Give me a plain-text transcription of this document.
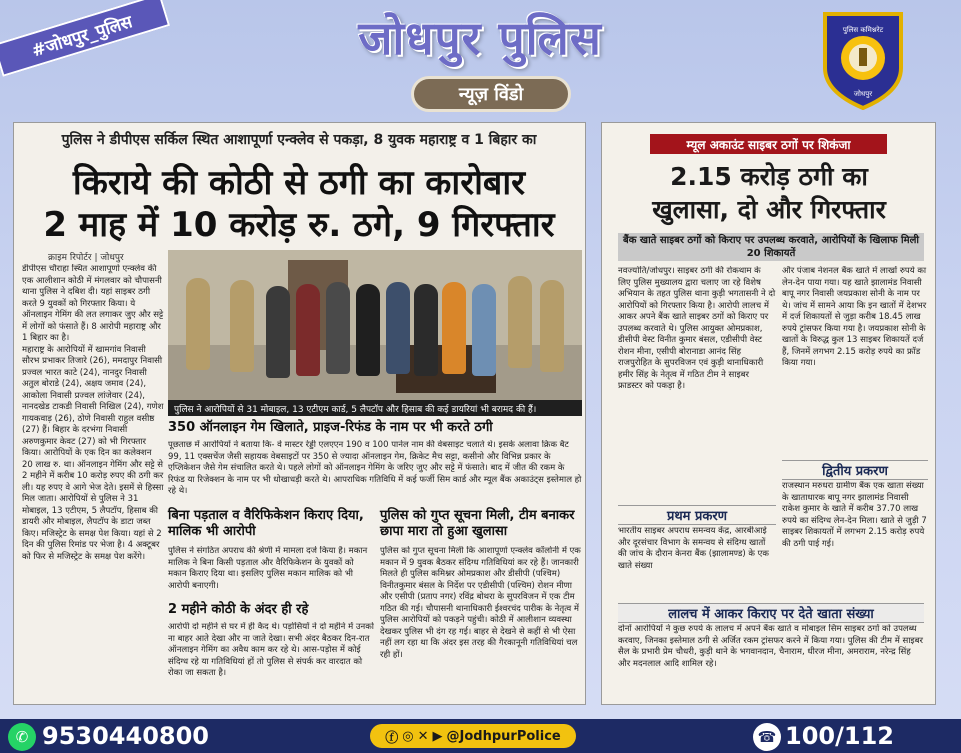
#जोधपुर_पुलिस	जोधपुर पुलिस
न्यूज़ विंडो
पुलिस कमिश्नरेट
जोधपुर
पुलिस ने डीपीएस सर्किल स्थित आशापूर्णा एन्क्लेव से पकड़ा, 8 युवक महाराष्ट्र व 1 बिहार का
किराये की कोठी से ठगी का कारोबार
2 माह में 10 करोड़ रु. ठगे, 9 गिरफ्तार
क्राइम रिपोर्टर | जोधपुर
डीपीएस चौराहा स्थित आशापूर्णा एन्क्लेव की एक आलीशान कोठी में मंगलवार को चौपासनी थाना पुलिस ने दबिश दी। यहां साइबर ठगी करते 9 युवकों को गिरफ्तार किया। ये ऑनलाइन गेमिंग की लत लगाकर जुए और सट्टे में लोगों को फंसाते हैं। 8 आरोपी महाराष्ट्र और 1 बिहार का है।
महाराष्ट्र के आरोपियों में खामगांव निवासी सौरभ प्रभाकर तिजारे (26), ममदापुर निवासी प्रज्वल भारत काटे (24), नानदुर निवासी अतुल बोराडे (24), अक्षय जमाव (24), आकोला निवासी प्रज्वल लांजेवार (24), नानदखेड टाकडी निवासी निखिल (24), गणेश गायकवाड़ (26), ठोणे निवासी राहुल वसीष्ठ (27) हैं। बिहार के दरभंगा निवासी अरुणकुमार केवट (27) को भी गिरफ्तार किया। आरोपियों के एक दिन का कलेक्शन 20 लाख रु. था। ऑनलाइन गेमिंग और सट्टे से 2 महीने में करीब 10 करोड़ रुपए की ठगी कर ली। यह रुपए वे आगे भेज देते। इसमें से हिस्सा मिल जाता। आरोपियों से पुलिस ने 31 मोबाइल, 13 एटीएम, 5 लैपटॉप, हिसाब की डायरी और मोबाइल, लैपटॉप के डाटा जब्त किए। मजिस्ट्रेट के समक्ष पेश किया। यहां से 2 दिन की पुलिस रिमांड पर भेजा है। 4 अक्टूबर को फिर से मजिस्ट्रेट के समक्ष पेश करेंगे।
पुलिस ने आरोपियों से 31 मोबाइल, 13 एटीएम कार्ड, 5 लैपटॉप और हिसाब की कई डायरियां भी बरामद की हैं।
350 ऑनलाइन गेम खिलाते, प्राइज-रिफंड के नाम पर भी करते ठगी
पूछताछ में आरोपियों ने बताया कि- वे मास्टर रेड्डी एलएएन 190 व 100 पानेल नाम की वेबसाइट चलाते थे। इसके अलावा क्रिक बैट 99, 11 एक्सचेंज जैसी सहायक वेबसाइटों पर 350 से ज्यादा ऑनलाइन गेम, क्रिकेट मैच सट्टा, कसीनो और विभिन्न प्रकार के एप्लिकेशन जैसे गेम संचालित करते थे। पहले लोगों को ऑनलाइन गेमिंग के जरिए जुए और सट्टे में फंसाते। बाद में जीत की रकम के रिफंड या रिजेक्शन के नाम पर भी धोखाधड़ी करते थे। आपराधिक गतिविधि में कई फर्जी सिम कार्ड और म्यूल बैंक अकाउंट्स इस्तेमाल हो रहे थे।
बिना पड़ताल व वैरिफिकेशन किराए दिया, मालिक भी आरोपी
पुलिस ने संगठित अपराध की श्रेणी में मामला दर्ज किया है। मकान मालिक ने बिना किसी पड़ताल और वैरिफिकेशन के युवकों को मकान किराए दिया था। इसलिए पुलिस मकान मालिक को भी आरोपी बनाएगी।
2 महीने कोठी के अंदर ही रहे
आरोपी दो महीने से घर में ही कैद थे। पड़ोसियों ने दो महीने में उनको ना बाहर आते देखा और ना जाते देखा। सभी अंदर बैठकर दिन-रात ऑनलाइन गेमिंग का अवैध काम कर रहे थे। आस-पड़ोस में कोई संदिग्ध रहे या गतिविधियां हों तो पुलिस से संपर्क कर वारदात को रोका जा सकता है।
पुलिस को गुप्त सूचना मिली, टीम बनाकर छापा मारा तो हुआ खुलासा
पुलिस को गुप्त सूचना मिली कि आशापूर्णा एन्क्लेव कॉलोनी में एक मकान में 9 युवक बैठकर संदिग्ध गतिविधियां कर रहे हैं। जानकारी मिलते ही पुलिस कमिश्नर ओमप्रकाश और डीसीपी (पश्चिम) विनीतकुमार बंसल के निर्देश पर एडीसीपी (पश्चिम) रोशन मीणा और एसीपी (प्रताप नगर) रविंद्र बोथरा के सुपरविजन में एक टीम गठित की गई। चौपासनी थानाधिकारी ईश्वरचंद पारीक के नेतृत्व में पुलिस आरोपियों को पकड़ने पहुंची। कोठी में आलीशान व्यवस्था देखकर पुलिस भी दंग रह गई। बाहर से देखने से कहीं से भी ऐसा नहीं लग रहा था कि अंदर इस तरह की गैरकानूनी गतिविधियां चल रही हों।
म्यूल अकाउंट साइबर ठगों पर शिकंजा
2.15 करोड़ ठगी का
खुलासा, दो और गिरफ्तार
बैंक खाते साइबर ठगों को किराए पर उपलब्ध करवाते, आरोपियों के खिलाफ मिली 20 शिकायतें
नवज्योति/जोधपुर। साइबर ठगी की रोकथाम के लिए पुलिस मुख्यालय द्वारा चलाए जा रहे विशेष अभियान के तहत पुलिस थाना कुड़ी भगतासनी ने दो आरोपियों को गिरफ्तार किया है। आरोपी लालच में आकर अपने बैंक खाते साइबर ठगों को किराए पर उपलब्ध करवाते थे। पुलिस आयुक्त ओमप्रकाश, डीसीपी वेस्ट विनीत कुमार बंसल, एडीसीपी वेस्ट रोशन मीना, एसीपी बोरानाडा आनंद सिंह राजपुरोहित के सुपरविजन एवं कुड़ी थानाधिकारी हमीर सिंह के नेतृत्व में गठित टीम ने साइबर फ्राडस्टर को पकड़ा है।
प्रथम प्रकरण
भारतीय साइबर अपराध समन्वय केंद्र, आरबीआई और दूरसंचार विभाग के समन्वय से संदिग्ध खातों की जांच के दौरान केनरा बैंक (झालामण्ड) के एक खाते संख्या
और पंजाब नेशनल बैंक खाते में लाखों रुपये का लेन-देन पाया गया। यह खाते झालामंड निवासी बापू नगर निवासी जयप्रकाश सोनी के नाम पर थे। जांच में सामने आया कि इन खातों में देशभर में दर्ज शिकायतों से जुड़ा करीब 18.45 लाख रुपये ट्रांसफर किया गया है। जयप्रकाश सोनी के खातों के विरुद्ध कुल 13 साइबर शिकायतें दर्ज हैं, जिनमें लगभग 2.15 करोड़ रुपये का फ्रॉड किया गया।
द्वितीय प्रकरण
राजस्थान मरुधरा ग्रामीण बैंक एक खाता संख्या के खाताधारक बापू नगर झालामंड निवासी राकेश कुमार के खाते में करीब 37.70 लाख रुपये का संदिग्ध लेन-देन मिला। खाते से जुड़ी 7 साइबर शिकायतों में लगभग 2.15 करोड़ रुपये की ठगी पाई गई।
लालच में आकर किराए पर देते खाता संख्या
दोनों आरोपियों ने कुछ रुपये के लालच में अपने बैंक खाते व मोबाइल सिम साइबर ठगों को उपलब्ध करवाए, जिनका इस्तेमाल ठगी से अर्जित रकम ट्रांसफर करने में किया गया। पुलिस की टीम में साइबर सैल के प्रभारी प्रेम चौधरी, कुड़ी थाने के भगवानदान, चैनाराम, धीरज मीना, अमराराम, नरेन्द्र सिंह और मदनलाल आदि शामिल रहे।
✆ 9530440800	ⓕ ◎ ✕ ▶ @JodhpurPolice	☎ 100/112
